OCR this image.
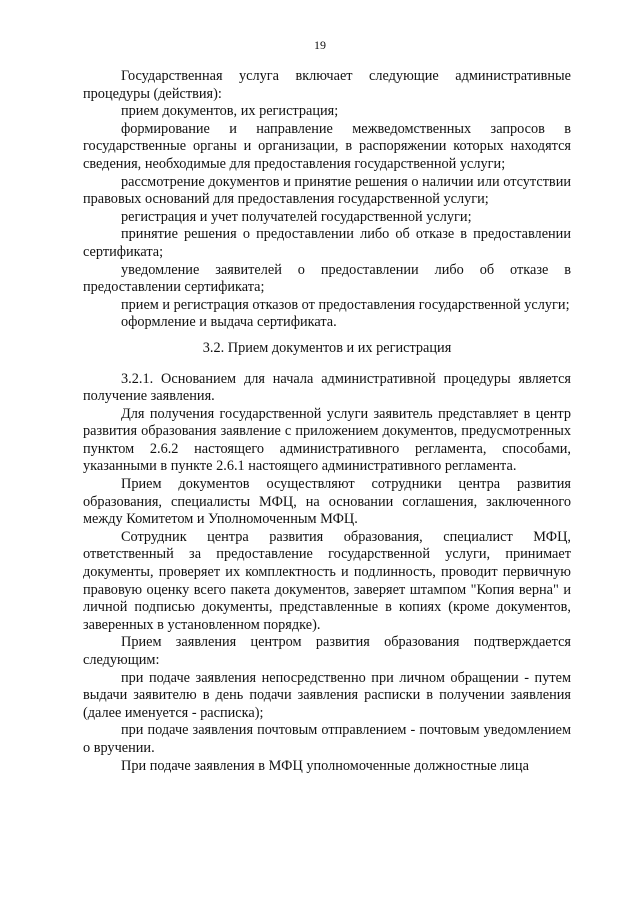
19

Государственная услуга включает следующие административные процедуры (действия):

прием документов, их регистрация;

формирование и направление межведомственных запросов в государственные органы и организации, в распоряжении которых находятся сведения, необходимые для предоставления государственной услуги;

рассмотрение документов и принятие решения о наличии или отсутствии правовых оснований для предоставления государственной услуги;

регистрация и учет получателей государственной услуги;

принятие решения о предоставлении либо об отказе в предоставлении сертификата;

уведомление заявителей о предоставлении либо об отказе в предоставлении сертификата;

прием и регистрация отказов от предоставления государственной услуги;

оформление и выдача сертификата.

3.2. Прием документов и их регистрация

3.2.1. Основанием для начала административной процедуры является получение заявления.

Для получения государственной услуги заявитель представляет в центр развития образования заявление с приложением документов, предусмотренных пунктом 2.6.2 настоящего административного регламента, способами, указанными в пункте 2.6.1 настоящего административного регламента.

Прием документов осуществляют сотрудники центра развития образования, специалисты МФЦ, на основании соглашения, заключенного между Комитетом и Уполномоченным МФЦ.

Сотрудник центра развития образования, специалист МФЦ, ответственный за предоставление государственной услуги, принимает документы, проверяет их комплектность и подлинность, проводит первичную правовую оценку всего пакета документов, заверяет штампом "Копия верна" и личной подписью документы, представленные в копиях (кроме документов, заверенных в установленном порядке).

Прием заявления центром развития образования подтверждается следующим:

при подаче заявления непосредственно при личном обращении - путем выдачи заявителю в день подачи заявления расписки в получении заявления (далее именуется - расписка);

при подаче заявления почтовым отправлением - почтовым уведомлением о вручении.

При подаче заявления в МФЦ уполномоченные должностные лица
